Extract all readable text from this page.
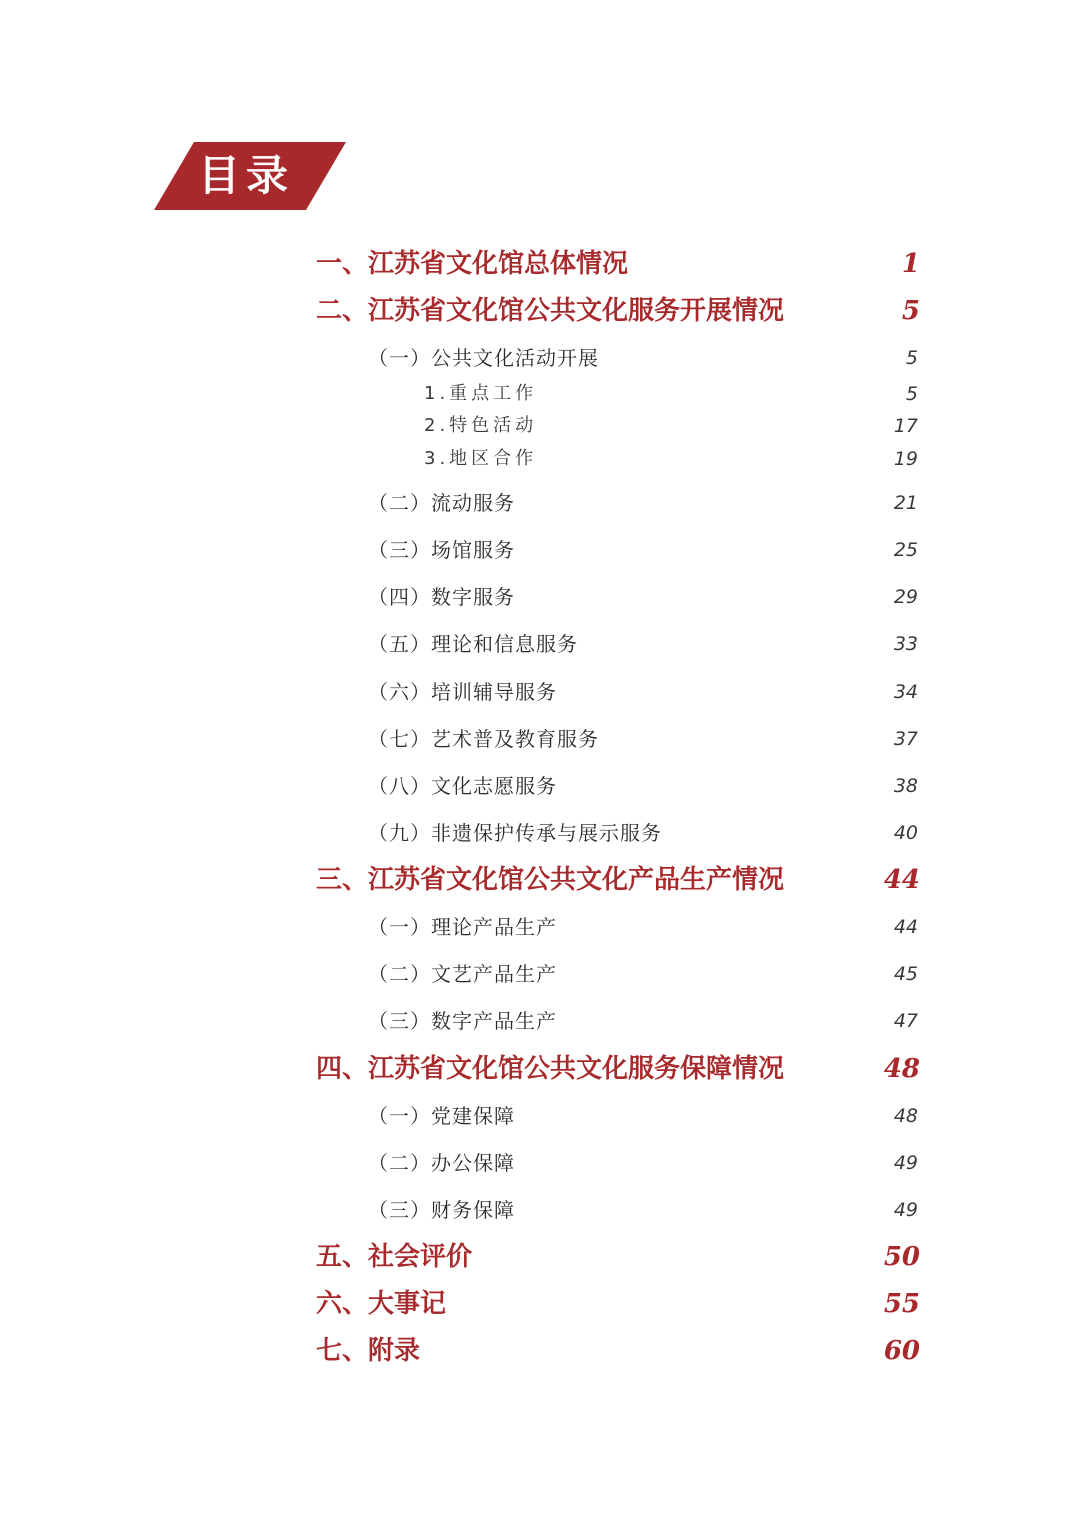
目录
一、江苏省文化馆总体情况	1
二、江苏省文化馆公共文化服务开展情况	5
（一）公共文化活动开展	5
1.重点工作	5
2.特色活动	17
3.地区合作	19
（二）流动服务	21
（三）场馆服务	25
（四）数字服务	29
（五）理论和信息服务	33
（六）培训辅导服务	34
（七）艺术普及教育服务	37
（八）文化志愿服务	38
（九）非遗保护传承与展示服务	40
三、江苏省文化馆公共文化产品生产情况	44
（一）理论产品生产	44
（二）文艺产品生产	45
（三）数字产品生产	47
四、江苏省文化馆公共文化服务保障情况	48
（一）党建保障	48
（二）办公保障	49
（三）财务保障	49
五、社会评价	50
六、大事记	55
七、附录	60
